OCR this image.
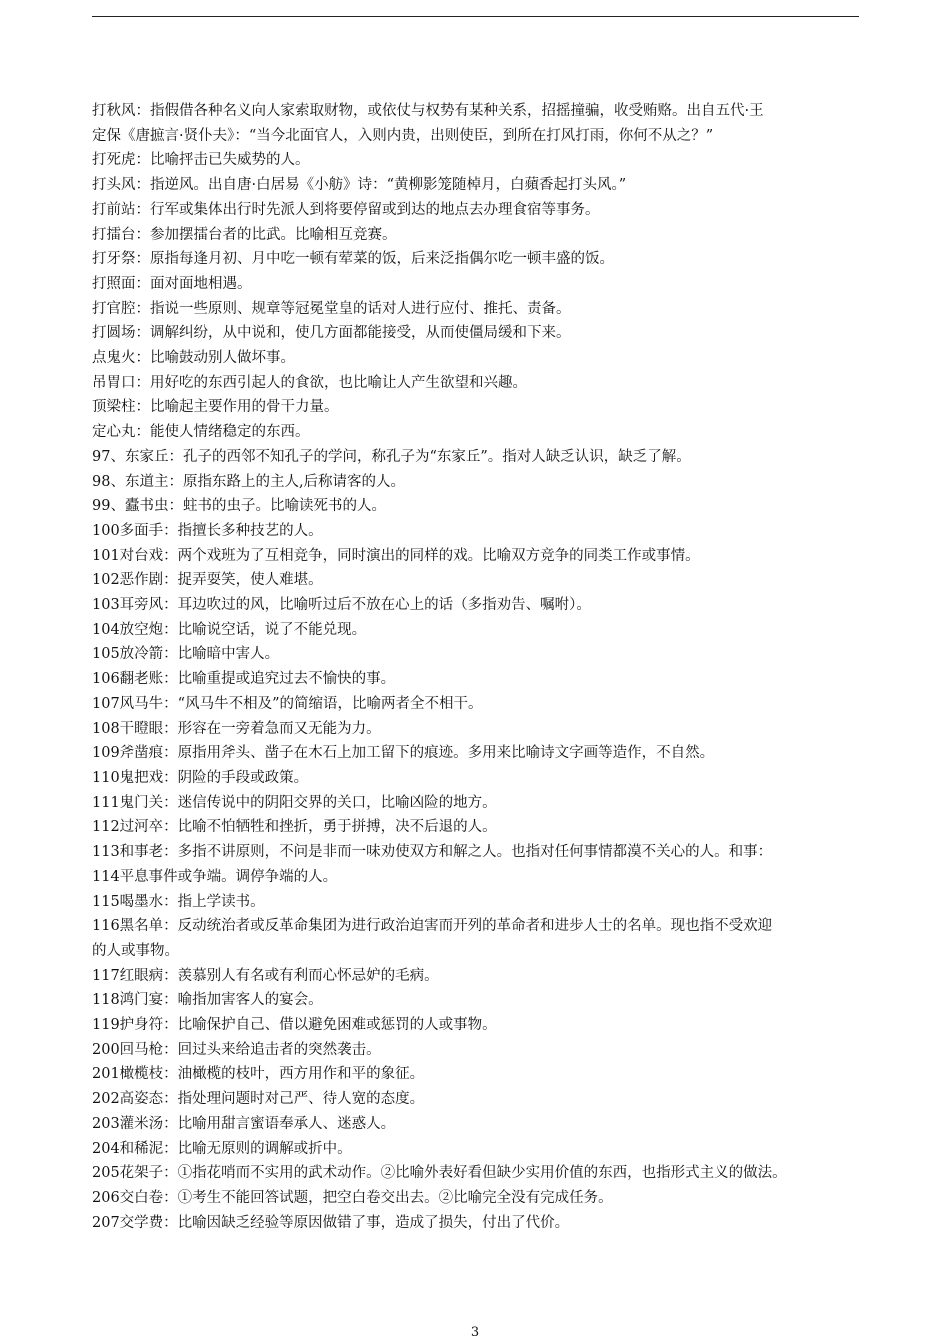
打秋风：指假借各种名义向人家索取财物，或依仗与权势有某种关系，招摇撞骗，收受贿赂。出自五代·王
定保《唐摭言·贤仆夫》：“当今北面官人，入则内贵，出则使臣，到所在打风打雨，你何不从之？”
打死虎：比喻抨击已失威势的人。
打头风：指逆风。出自唐·白居易《小舫》诗：“黄柳影笼随棹月，白蘋香起打头风。”
打前站：行军或集体出行时先派人到将要停留或到达的地点去办理食宿等事务。
打擂台：参加摆擂台者的比武。比喻相互竞赛。
打牙祭：原指每逢月初、月中吃一顿有荤菜的饭，后来泛指偶尔吃一顿丰盛的饭。
打照面：面对面地相遇。
打官腔：指说一些原则、规章等冠冕堂皇的话对人进行应付、推托、责备。
打圆场：调解纠纷，从中说和，使几方面都能接受，从而使僵局缓和下来。
点鬼火：比喻鼓动别人做坏事。
吊胃口：用好吃的东西引起人的食欲，也比喻让人产生欲望和兴趣。
顶梁柱：比喻起主要作用的骨干力量。
定心丸：能使人情绪稳定的东西。
97、东家丘：孔子的西邻不知孔子的学问，称孔子为“东家丘”。指对人缺乏认识，缺乏了解。
98、东道主：原指东路上的主人,后称请客的人。
99、蠹书虫：蛀书的虫子。比喻读死书的人。
100多面手：指擅长多种技艺的人。
101对台戏：两个戏班为了互相竞争，同时演出的同样的戏。比喻双方竞争的同类工作或事情。
102恶作剧：捉弄耍笑，使人难堪。
103耳旁风：耳边吹过的风，比喻听过后不放在心上的话（多指劝告、嘱咐）。
104放空炮：比喻说空话，说了不能兑现。
105放冷箭：比喻暗中害人。
106翻老账：比喻重提或追究过去不愉快的事。
107风马牛：“风马牛不相及”的简缩语，比喻两者全不相干。
108干瞪眼：形容在一旁着急而又无能为力。
109斧凿痕：原指用斧头、凿子在木石上加工留下的痕迹。多用来比喻诗文字画等造作，不自然。
110鬼把戏：阴险的手段或政策。
111鬼门关：迷信传说中的阴阳交界的关口，比喻凶险的地方。
112过河卒：比喻不怕牺牲和挫折，勇于拼搏，决不后退的人。
113和事老：多指不讲原则，不问是非而一味劝使双方和解之人。也指对任何事情都漠不关心的人。和事：
114平息事件或争端。调停争端的人。
115喝墨水：指上学读书。
116黑名单：反动统治者或反革命集团为进行政治迫害而开列的革命者和进步人士的名单。现也指不受欢迎
的人或事物。
117红眼病：羡慕别人有名或有利而心怀忌妒的毛病。
118鸿门宴：喻指加害客人的宴会。
119护身符：比喻保护自己、借以避免困难或惩罚的人或事物。
200回马枪：回过头来给追击者的突然袭击。
201橄榄枝：油橄榄的枝叶，西方用作和平的象征。
202高姿态：指处理问题时对己严、待人宽的态度。
203灌米汤：比喻用甜言蜜语奉承人、迷惑人。
204和稀泥：比喻无原则的调解或折中。
205花架子：①指花哨而不实用的武术动作。②比喻外表好看但缺少实用价值的东西，也指形式主义的做法。
206交白卷：①考生不能回答试题，把空白卷交出去。②比喻完全没有完成任务。
207交学费：比喻因缺乏经验等原因做错了事，造成了损失，付出了代价。
3
